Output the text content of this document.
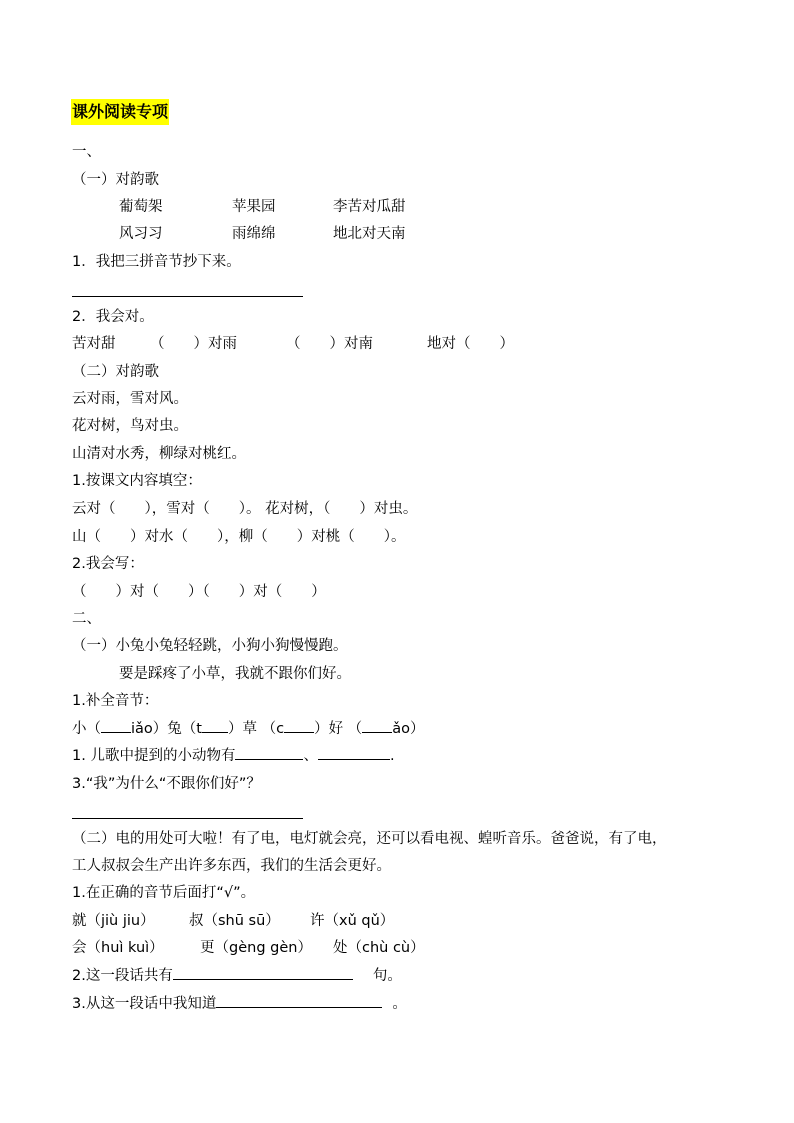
课外阅读专项
一、
（一）对韵歌
葡萄架	苹果园	李苦对瓜甜
风习习	雨绵绵	地北对天南
1．我把三拼音节抄下来。
2．我会对。
苦对甜 （　　）对雨	（　　）对南	地对（　　）
（二）对韵歌
云对雨，雪对风。
花对树，鸟对虫。
山清对水秀，柳绿对桃红。
1.按课文内容填空：
云对（　　），雪对（　　）。 花对树，（　　）对虫。
山（　　）对水（　　），柳（　　）对桃（　　）。
2.我会写：
（　　）对（　　）（　　）对（　　）
二、
（一）小兔小兔轻轻跳，小狗小狗慢慢跑。
要是踩疼了小草，我就不跟你们好。
1.补全音节：
小（ iǎo）兔（t ）草 （c ）好 （ ǎo）
1. 儿歌中提到的小动物有	、	.
3.“我”为什么“不跟你们好”？
（二）电的用处可大啦！有了电，电灯就会亮，还可以看电视、蝗听音乐。爸爸说，有了电，
工人叔叔会生产出许多东西，我们的生活会更好。
1.在正确的音节后面打“√”。
就（jiù jiu） 叔（shū sū） 许（xǔ qǔ）
会（huì kuì）	更（gèng gèn） 处（chù cù）
2.这一段话共有	句。
3.从这一段话中我知道	。
